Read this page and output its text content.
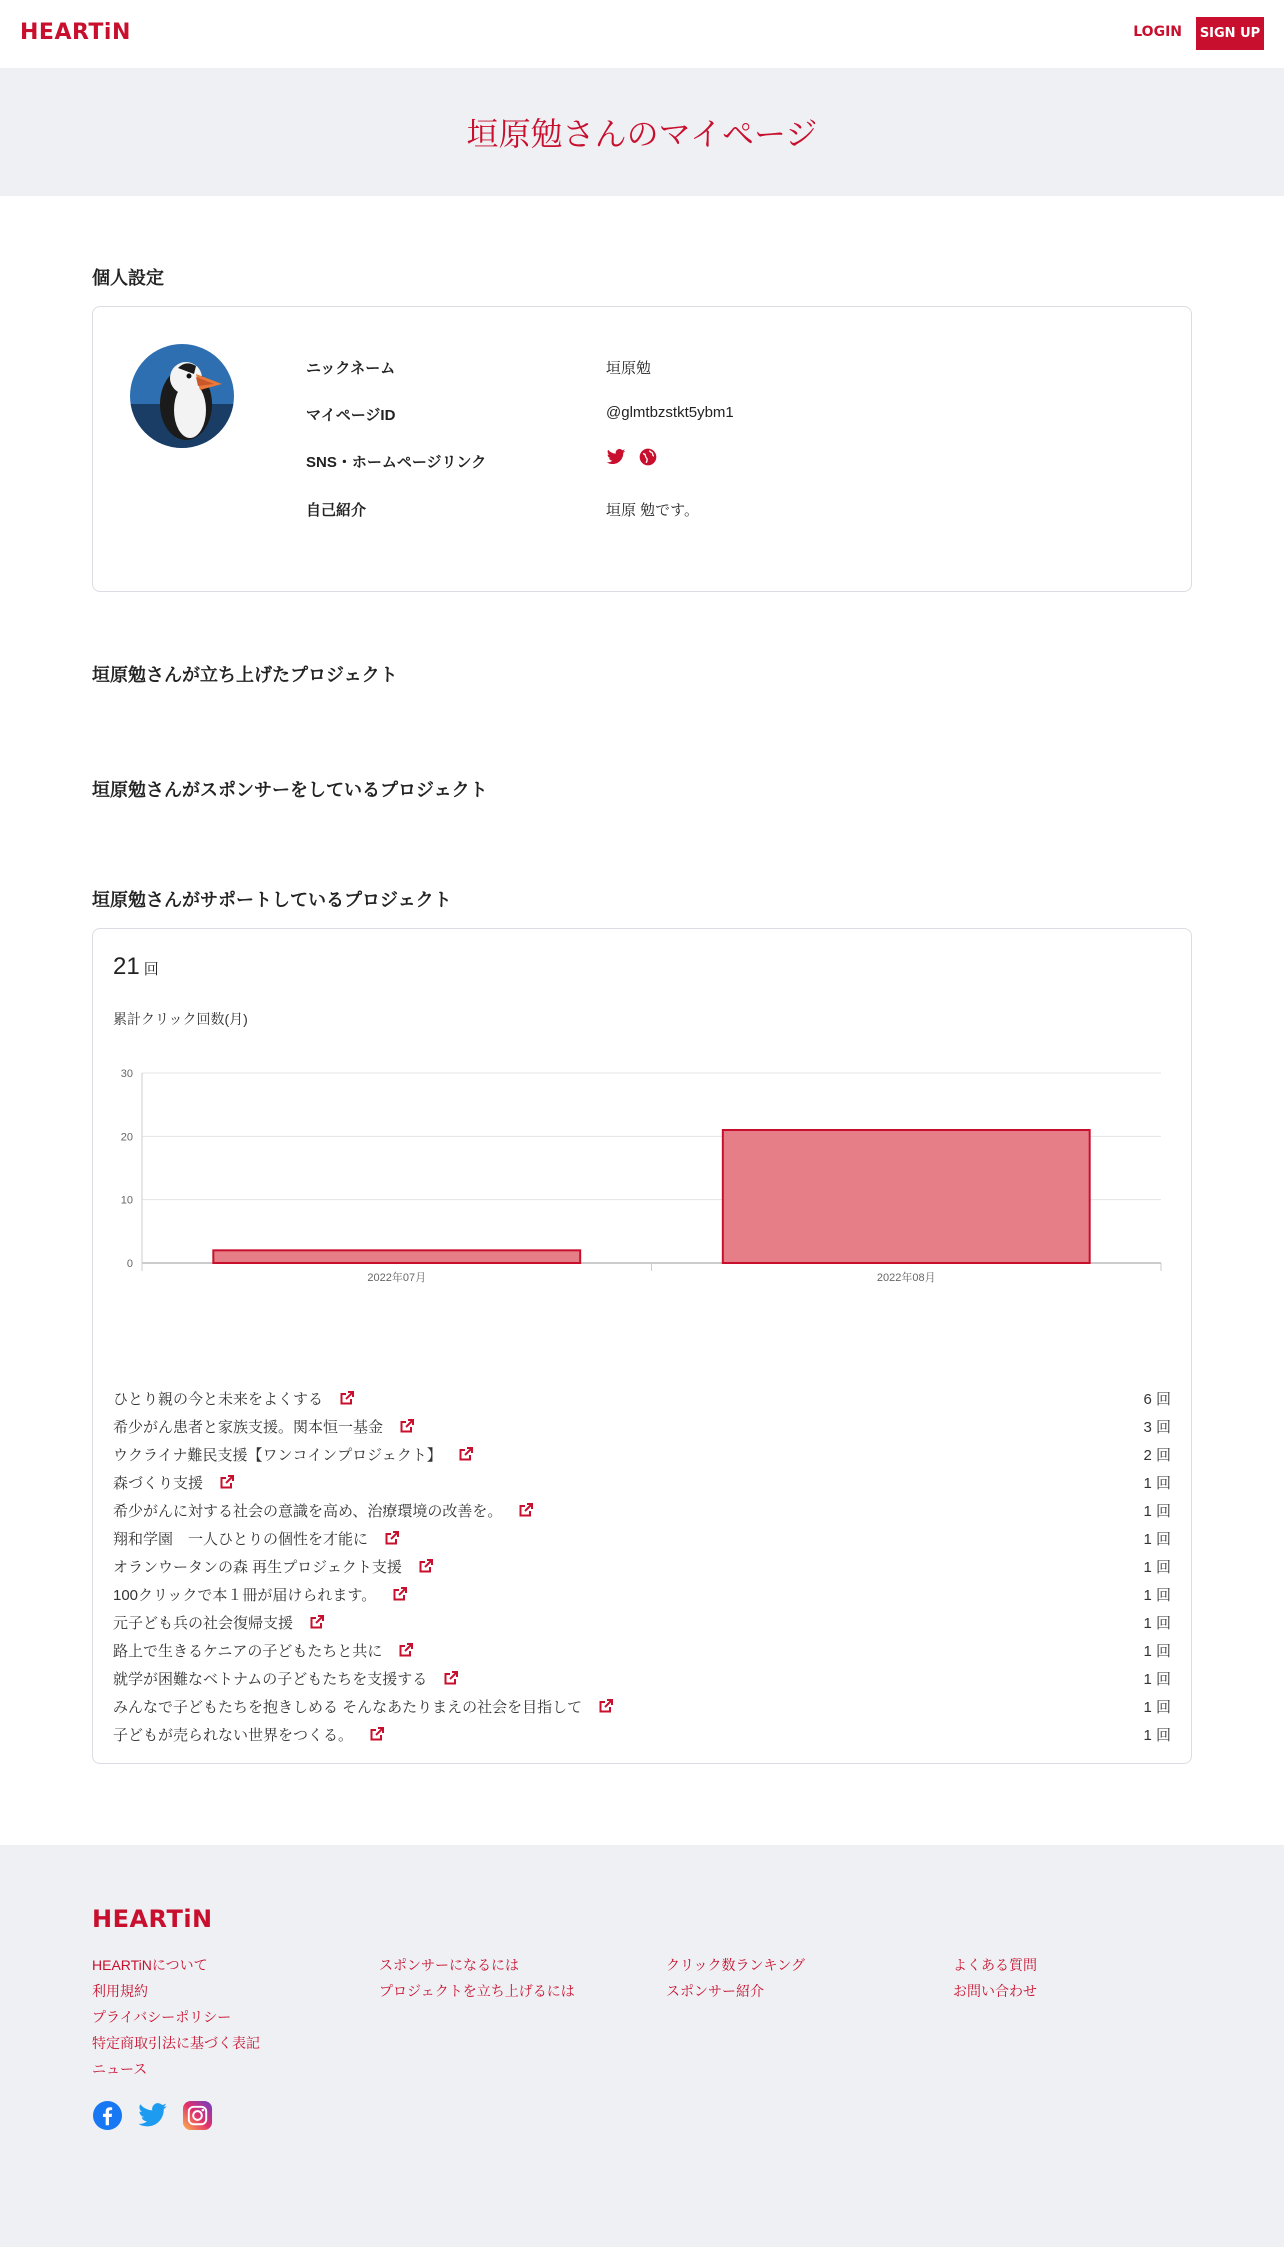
HEARTiN	LOGIN SIGN UP
垣原勉さんのマイページ
個人設定
ニックネーム	垣原勉
マイページID	@glmtbzstkt5ybm1
SNS・ホームページリンク

自己紹介	垣原 勉です。
垣原勉さんが立ち上げたプロジェクト
垣原勉さんがスポンサーをしているプロジェクト
垣原勉さんがサポートしているプロジェクト
21 回
累計クリック回数(月)
0
10
20
30
2022年07月	2022年08月
ひとり親の今と未来をよくする	6 回
希少がん患者と家族支援。関本恒一基金	3 回
ウクライナ難民支援【ワンコインプロジェクト】	2 回
森づくり支援	1 回
希少がんに対する社会の意識を高め、治療環境の改善を。	1 回
翔和学園　一人ひとりの個性を才能に	1 回
オランウータンの森 再生プロジェクト支援	1 回
100クリックで本１冊が届けられます。	1 回
元子ども兵の社会復帰支援	1 回
路上で生きるケニアの子どもたちと共に	1 回
就学が困難なベトナムの子どもたちを支援する	1 回
みんなで子どもたちを抱きしめる そんなあたりまえの社会を目指して	1 回
子どもが売られない世界をつくる。	1 回
HEARTiN
HEARTiNについて
利用規約
プライバシーポリシー
特定商取引法に基づく表記
ニュース
スポンサーになるには
プロジェクトを立ち上げるには
クリック数ランキング
スポンサー紹介
よくある質問
お問い合わせ
